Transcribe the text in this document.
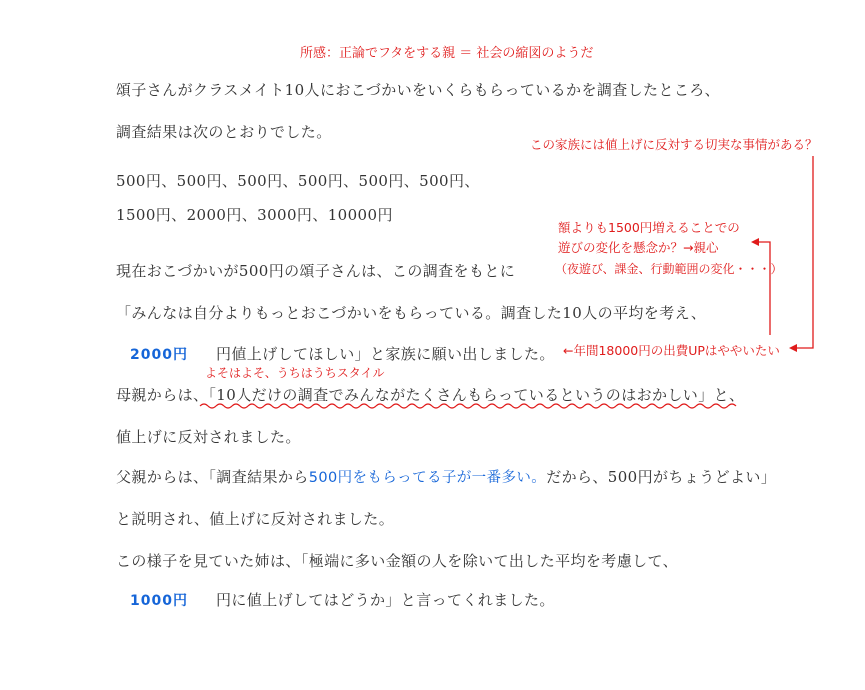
所感：正論でフタをする親 ＝ 社会の縮図のようだ
頌子さんがクラスメイト10人におこづかいをいくらもらっているかを調査したところ、
調査結果は次のとおりでした。
500円、500円、500円、500円、500円、500円、
1500円、2000円、3000円、10000円
現在おこづかいが500円の頌子さんは、この調査をもとに
「みんなは自分よりもっとおこづかいをもらっている。調査した10人の平均を考え、
2000円 円値上げしてほしい」と家族に願い出しました。
母親からは、「10人だけの調査でみんながたくさんもらっているというのはおかしい」と、
値上げに反対されました。
父親からは、「調査結果から500円をもらってる子が一番多い。だから、500円がちょうどよい」
と説明され、値上げに反対されました。
この様子を見ていた姉は、「極端に多い金額の人を除いて出した平均を考慮して、
1000円 円に値上げしてはどうか」と言ってくれました。
この家族には値上げに反対する切実な事情がある？
額よりも1500円増えることでの
遊びの変化を懸念か？→親心
（夜遊び、課金、行動範囲の変化・・・）
←年間18000円の出費UPはややいたい
よそはよそ、うちはうちスタイル
